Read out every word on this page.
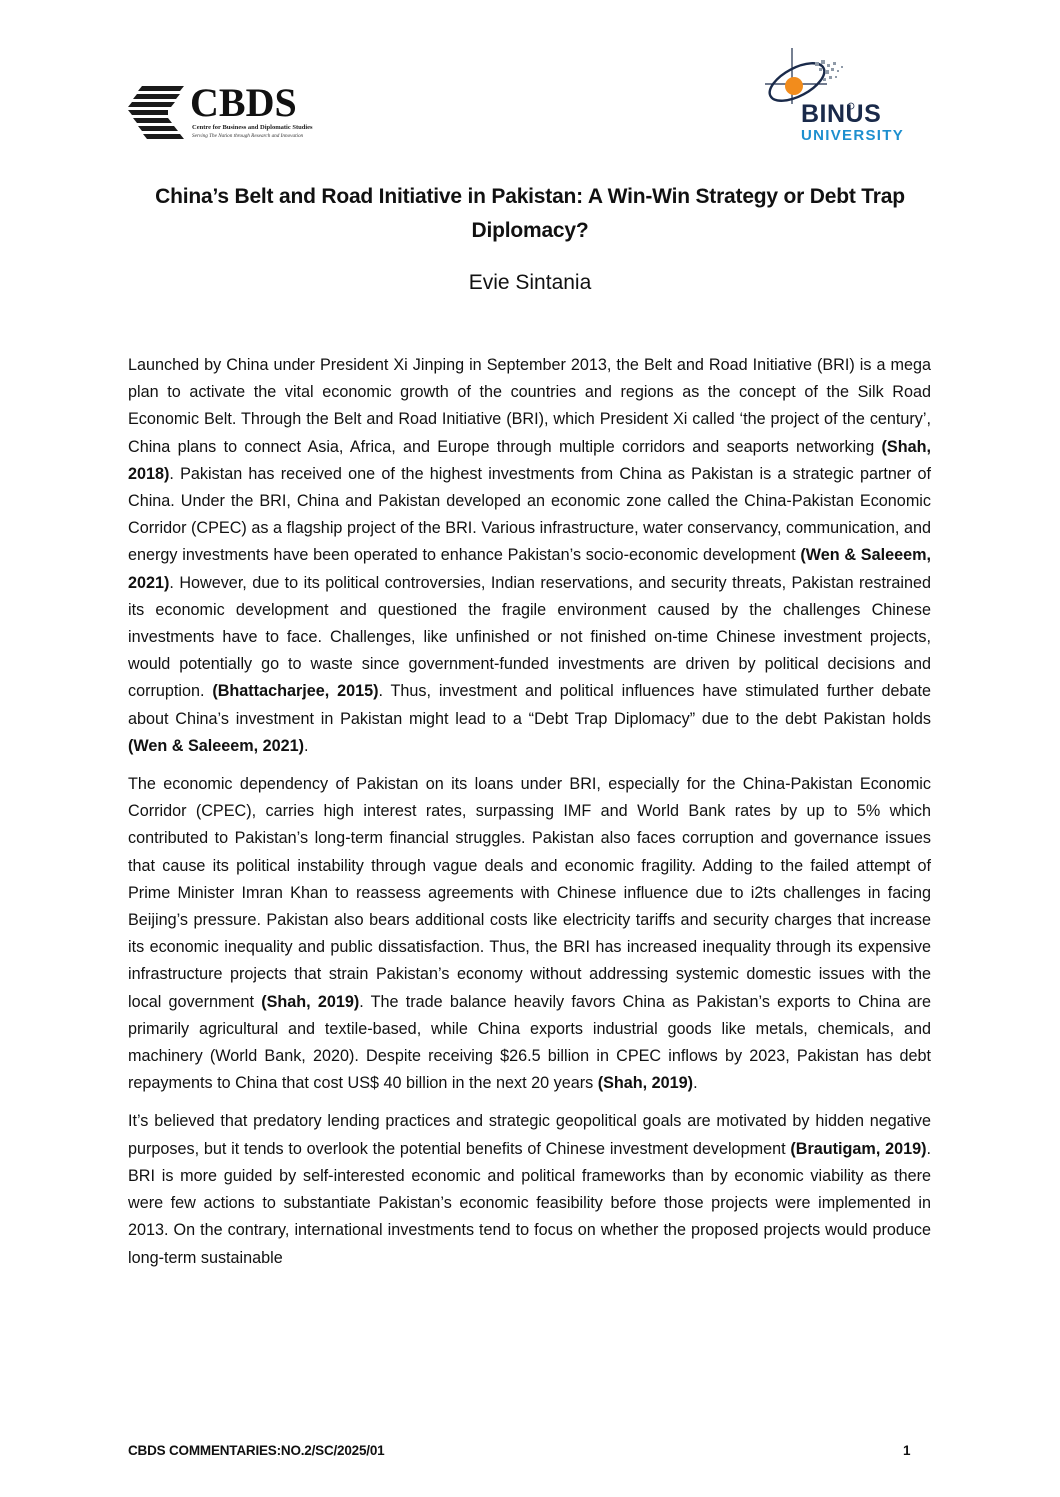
CBDS
Centre for Business and Diplomatic Studies
Serving The Nation through Research and Innovation
BINUS
UNIVERSITY
China’s Belt and Road Initiative in Pakistan: A Win-Win Strategy or Debt Trap Diplomacy?
Evie Sintania

Launched by China under President Xi Jinping in September 2013, the Belt and Road Initiative (BRI) is a mega plan to activate the vital economic growth of the countries and regions as the concept of the Silk Road Economic Belt. Through the Belt and Road Initiative (BRI), which President Xi called ‘the project of the century’, China plans to connect Asia, Africa, and Europe through multiple corridors and seaports networking (Shah, 2018). Pakistan has received one of the highest investments from China as Pakistan is a strategic partner of China. Under the BRI, China and Pakistan developed an economic zone called the China-Pakistan Economic Corridor (CPEC) as a flagship project of the BRI. Various infrastructure, water conservancy, communication, and energy investments have been operated to enhance Pakistan’s socio-economic development (Wen & Saleeem, 2021). However, due to its political controversies, Indian reservations, and security threats, Pakistan restrained its economic development and questioned the fragile environment caused by the challenges Chinese investments have to face. Challenges, like unfinished or not finished on-time Chinese investment projects, would potentially go to waste since government-funded investments are driven by political decisions and corruption. (Bhattacharjee, 2015). Thus, investment and political influences have stimulated further debate about China’s investment in Pakistan might lead to a “Debt Trap Diplomacy” due to the debt Pakistan holds (Wen & Saleeem, 2021).

The economic dependency of Pakistan on its loans under BRI, especially for the China-Pakistan Economic Corridor (CPEC), carries high interest rates, surpassing IMF and World Bank rates by up to 5% which contributed to Pakistan’s long-term financial struggles. Pakistan also faces corruption and governance issues that cause its political instability through vague deals and economic fragility. Adding to the failed attempt of Prime Minister Imran Khan to reassess agreements with Chinese influence due to i2ts challenges in facing Beijing’s pressure. Pakistan also bears additional costs like electricity tariffs and security charges that increase its economic inequality and public dissatisfaction. Thus, the BRI has increased inequality through its expensive infrastructure projects that strain Pakistan’s economy without addressing systemic domestic issues with the local government (Shah, 2019). The trade balance heavily favors China as Pakistan’s exports to China are primarily agricultural and textile-based, while China exports industrial goods like metals, chemicals, and machinery (World Bank, 2020). Despite receiving $26.5 billion in CPEC inflows by 2023, Pakistan has debt repayments to China that cost US$ 40 billion in the next 20 years (Shah, 2019).

It’s believed that predatory lending practices and strategic geopolitical goals are motivated by hidden negative purposes, but it tends to overlook the potential benefits of Chinese investment development (Brautigam, 2019). BRI is more guided by self-interested economic and political frameworks than by economic viability as there were few actions to substantiate Pakistan’s economic feasibility before those projects were implemented in 2013. On the contrary, international investments tend to focus on whether the proposed projects would produce long-term sustainable

CBDS COMMENTARIES:NO.2/SC/2025/01	1
